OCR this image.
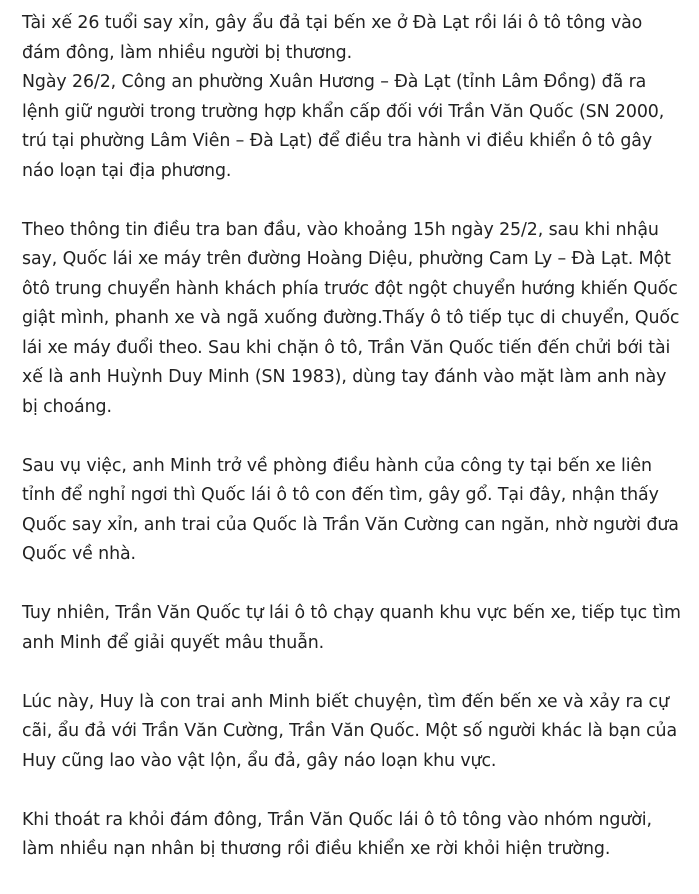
Tài xế 26 tuổi say xỉn, gây ẩu đả tại bến xe ở Đà Lạt rồi lái ô tô tông vào đám đông, làm nhiều người bị thương.

Ngày 26/2, Công an phường Xuân Hương – Đà Lạt (tỉnh Lâm Đồng) đã ra lệnh giữ người trong trường hợp khẩn cấp đối với Trần Văn Quốc (SN 2000, trú tại phường Lâm Viên – Đà Lạt) để điều tra hành vi điều khiển ô tô gây náo loạn tại địa phương.

Theo thông tin điều tra ban đầu, vào khoảng 15h ngày 25/2, sau khi nhậu say, Quốc lái xe máy trên đường Hoàng Diệu, phường Cam Ly – Đà Lạt. Một ôtô trung chuyển hành khách phía trước đột ngột chuyển hướng khiến Quốc giật mình, phanh xe và ngã xuống đường.Thấy ô tô tiếp tục di chuyển, Quốc lái xe máy đuổi theo. Sau khi chặn ô tô, Trần Văn Quốc tiến đến chửi bới tài xế là anh Huỳnh Duy Minh (SN 1983), dùng tay đánh vào mặt làm anh này bị choáng.

Sau vụ việc, anh Minh trở về phòng điều hành của công ty tại bến xe liên tỉnh để nghỉ ngơi thì Quốc lái ô tô con đến tìm, gây gổ. Tại đây, nhận thấy Quốc say xỉn, anh trai của Quốc là Trần Văn Cường can ngăn, nhờ người đưa Quốc về nhà.

Tuy nhiên, Trần Văn Quốc tự lái ô tô chạy quanh khu vực bến xe, tiếp tục tìm anh Minh để giải quyết mâu thuẫn.

Lúc này, Huy là con trai anh Minh biết chuyện, tìm đến bến xe và xảy ra cự cãi, ẩu đả với Trần Văn Cường, Trần Văn Quốc. Một số người khác là bạn của Huy cũng lao vào vật lộn, ẩu đả, gây náo loạn khu vực.

Khi thoát ra khỏi đám đông, Trần Văn Quốc lái ô tô tông vào nhóm người, làm nhiều nạn nhân bị thương rồi điều khiển xe rời khỏi hiện trường.
